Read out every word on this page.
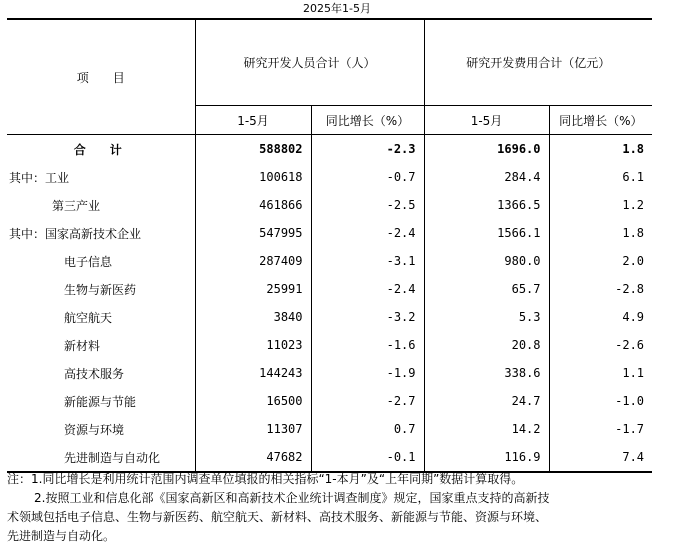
2025年1-5月
项　　目	研究开发人员合计（人）		研究开发费用合计（亿元）	
	1-5月	同比增长（%）	1-5月	同比增长（%）
合　计	588802	-2.3	1696.0	1.8
其中：工业	100618	-0.7	284.4	6.1
第三产业	461866	-2.5	1366.5	1.2
其中：国家高新技术企业	547995	-2.4	1566.1	1.8
电子信息	287409	-3.1	980.0	2.0
生物与新医药	25991	-2.4	65.7	-2.8
航空航天	3840	-3.2	5.3	4.9
新材料	11023	-1.6	20.8	-2.6
高技术服务	144243	-1.9	338.6	1.1
新能源与节能	16500	-2.7	24.7	-1.0
资源与环境	11307	0.7	14.2	-1.7
先进制造与自动化	47682	-0.1	116.9	7.4
注：1.同比增长是利用统计范围内调查单位填报的相关指标“1-本月”及“上年同期”数据计算取得。
2.按照工业和信息化部《国家高新区和高新技术企业统计调查制度》规定，国家重点支持的高新技
术领域包括电子信息、生物与新医药、航空航天、新材料、高技术服务、新能源与节能、资源与环境、
先进制造与自动化。
